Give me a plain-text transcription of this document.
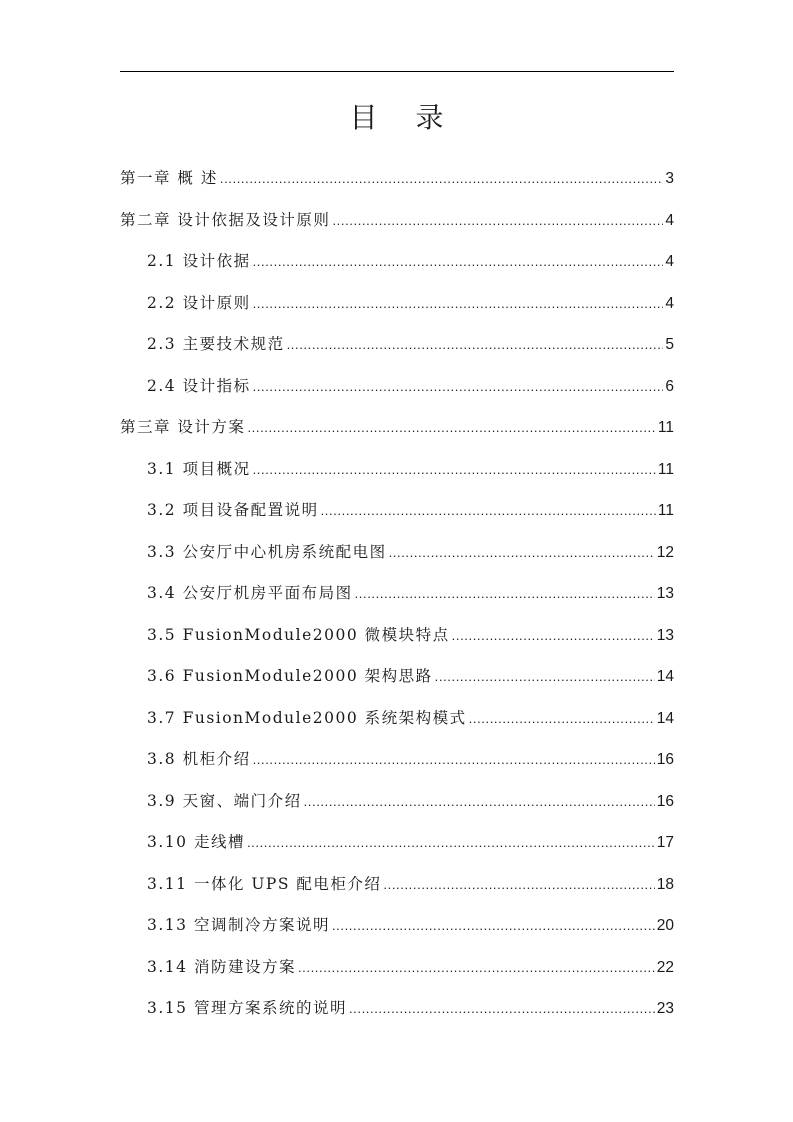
目 录
第一章 概 述 .....	3
第二章 设计依据及设计原则 .....	4
2.1 设计依据 .....	4
2.2 设计原则 .....	4
2.3 主要技术规范 .....	5
2.4 设计指标 .....	6
第三章 设计方案 .....	11
3.1 项目概况 .....	11
3.2 项目设备配置说明 .....	11
3.3 公安厅中心机房系统配电图 .....	12
3.4 公安厅机房平面布局图 .....	13
3.5 FusionModule2000 微模块特点 .....	13
3.6 FusionModule2000 架构思路 .....	14
3.7 FusionModule2000 系统架构模式 .....	14
3.8 机柜介绍 .....	16
3.9 天窗、端门介绍 .....	16
3.10 走线槽 .....	17
3.11 一体化 UPS 配电柜介绍 .....	18
3.13 空调制冷方案说明 .....	20
3.14 消防建设方案 .....	22
3.15 管理方案系统的说明 .....	23
